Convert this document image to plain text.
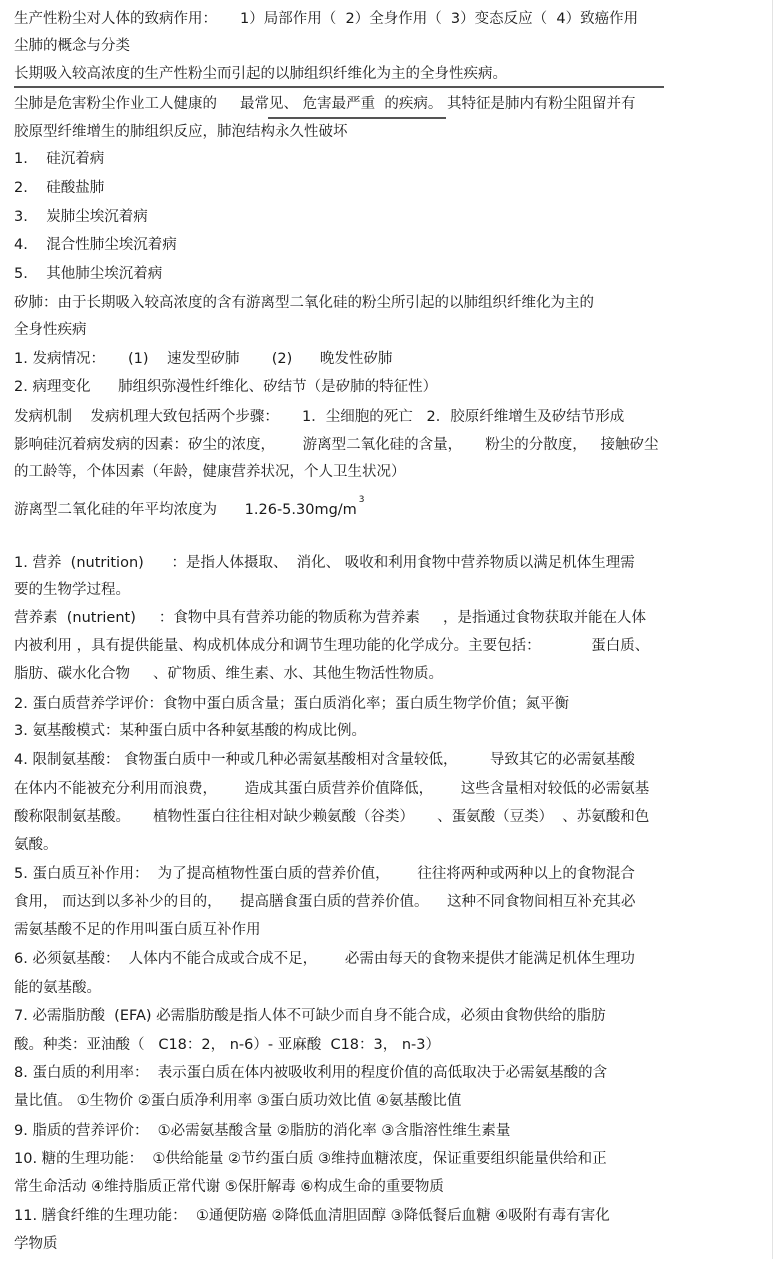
生产性粉尘对人体的致病作用：     1）局部作用（  2）全身作用（  3）变态反应（  4）致癌作用
尘肺的概念与分类
长期吸入较高浓度的生产性粉尘而引起的以肺组织纤维化为主的全身性疾病。
尘肺是危害粉尘作业工人健康的     最常见、 危害最严重  的疾病。 其特征是肺内有粉尘阻留并有
胶原型纤维增生的肺组织反应，肺泡结构永久性破坏
1.    硅沉着病
2.    硅酸盐肺
3.    炭肺尘埃沉着病
4.    混合性肺尘埃沉着病
5.    其他肺尘埃沉着病
矽肺：由于长期吸入较高浓度的含有游离型二氧化硅的粉尘所引起的以肺组织纤维化为主的
全身性疾病
1. 发病情况：     (1)    速发型矽肺       (2)      晚发性矽肺
2. 病理变化      肺组织弥漫性纤维化、矽结节（是矽肺的特征性）
发病机制    发病机理大致包括两个步骤：     1．尘细胞的死亡   2．胶原纤维增生及矽结节形成
影响硅沉着病发病的因素：矽尘的浓度，      游离型二氧化硅的含量，     粉尘的分散度，   接触矽尘
的工龄等，个体因素（年龄，健康营养状况，个人卫生状况）
游离型二氧化硅的年平均浓度为      $1.26-5.30mg/m^3$
1. 营养  (nutrition)      ：是指人体摄取、  消化、 吸收和利用食物中营养物质以满足机体生理需
要的生物学过程。
营养素  (nutrient)     ：食物中具有营养功能的物质称为营养素     ，是指通过食物获取并能在人体
内被利用 ，具有提供能量、构成机体成分和调节生理功能的化学成分。主要包括：           蛋白质、
脂肪、碳水化合物     、矿物质、维生素、水、其他生物活性物质。
2. 蛋白质营养学评价：食物中蛋白质含量；蛋白质消化率；蛋白质生物学价值；氮平衡
3. 氨基酸模式：某种蛋白质中各种氨基酸的构成比例。
4. 限制氨基酸： 食物蛋白质中一种或几种必需氨基酸相对含量较低，       导致其它的必需氨基酸
在体内不能被充分利用而浪费，      造成其蛋白质营养价值降低，      这些含量相对较低的必需氨基
酸称限制氨基酸。     植物性蛋白往往相对缺少赖氨酸（谷类）     、蛋氨酸（豆类）  、苏氨酸和色
氨酸。
5. 蛋白质互补作用：  为了提高植物性蛋白质的营养价值，      往往将两种或两种以上的食物混合
食用， 而达到以多补少的目的，    提高膳食蛋白质的营养价值。    这种不同食物间相互补充其必
需氨基酸不足的作用叫蛋白质互补作用
6. 必须氨基酸：  人体内不能合成或合成不足，      必需由每天的食物来提供才能满足机体生理功
能的氨基酸。
7. 必需脂肪酸  (EFA) 必需脂肪酸是指人体不可缺少而自身不能合成，必须由食物供给的脂肪
酸。种类：亚油酸（   C18：2， n-6）- 亚麻酸  C18：3， n-3）
8. 蛋白质的利用率：  表示蛋白质在体内被吸收利用的程度价值的高低取决于必需氨基酸的含
量比值。 ①生物价 ②蛋白质净利用率 ③蛋白质功效比值 ④氨基酸比值
9. 脂质的营养评价：  ①必需氨基酸含量 ②脂肪的消化率 ③含脂溶性维生素量
10. 糖的生理功能：  ①供给能量 ②节约蛋白质 ③维持血糖浓度，保证重要组织能量供给和正
常生命活动 ④维持脂质正常代谢 ⑤保肝解毒 ⑥构成生命的重要物质
11. 膳食纤维的生理功能：  ①通便防癌 ②降低血清胆固醇 ③降低餐后血糖 ④吸附有毒有害化
学物质
